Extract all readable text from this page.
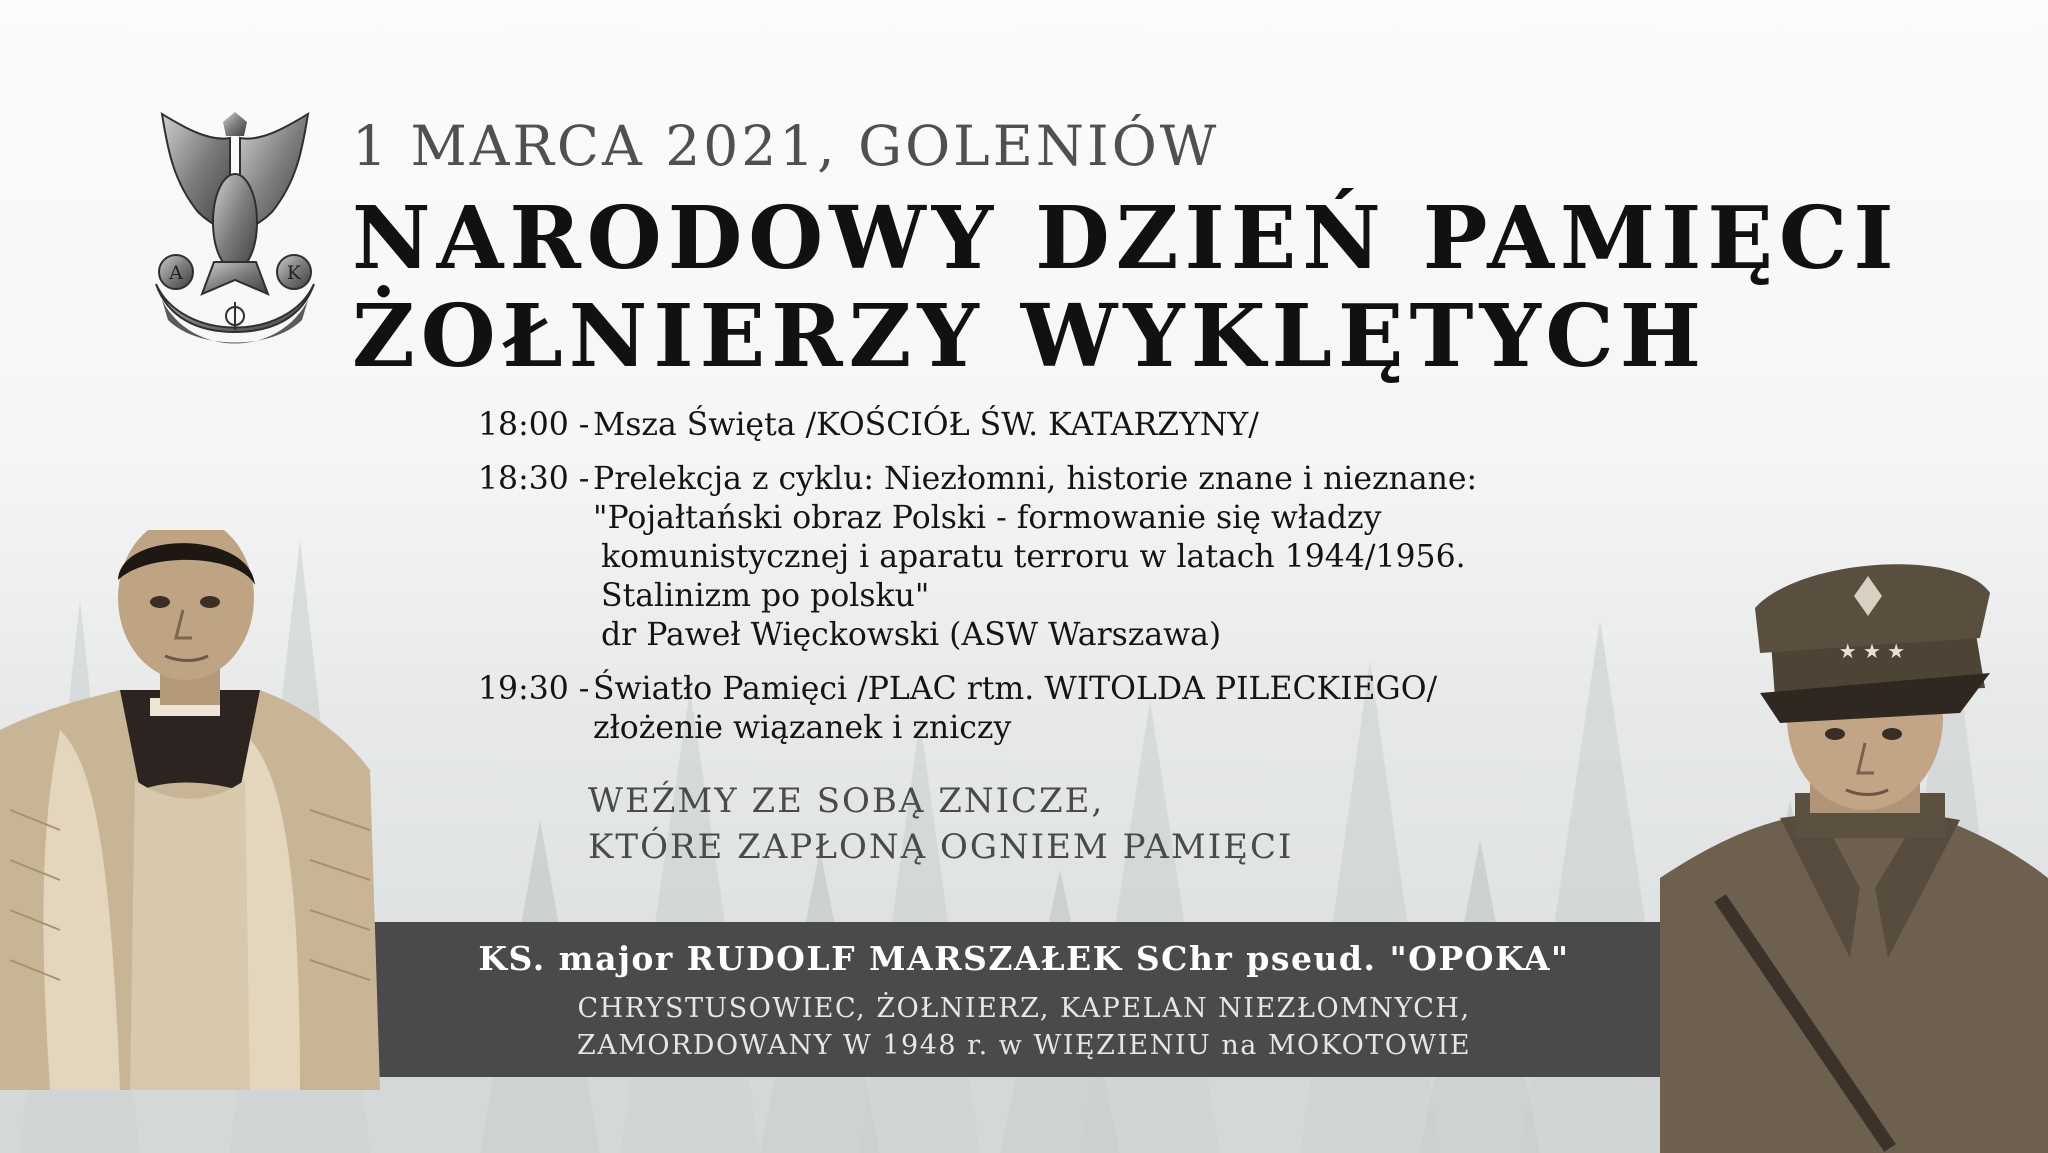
A	K
1 MARCA 2021, GOLENIÓW
NARODOWY DZIEŃ PAMIĘCI
ŻOŁNIERZY WYKLĘTYCH
18:00 - Msza Święta /KOŚCIÓŁ ŚW. KATARZYNY/
18:30 - Prelekcja z cyklu: Niezłomni, historie znane i nieznane:
"Pojałtański obraz Polski - formowanie się władzy
komunistycznej i aparatu terroru w latach 1944/1956.
Stalinizm po polsku"
dr Paweł Więckowski (ASW Warszawa)
19:30 - Światło Pamięci /PLAC rtm. WITOLDA PILECKIEGO/
złożenie wiązanek i zniczy
WEŹMY ZE SOBĄ ZNICZE,
KTÓRE ZAPŁONĄ OGNIEM PAMIĘCI
KS. major RUDOLF MARSZAŁEK SChr pseud. "OPOKA"
CHRYSTUSOWIEC, ŻOŁNIERZ, KAPELAN NIEZŁOMNYCH,
ZAMORDOWANY W 1948 r. w WIĘZIENIU na MOKOTOWIE
★ ★ ★
